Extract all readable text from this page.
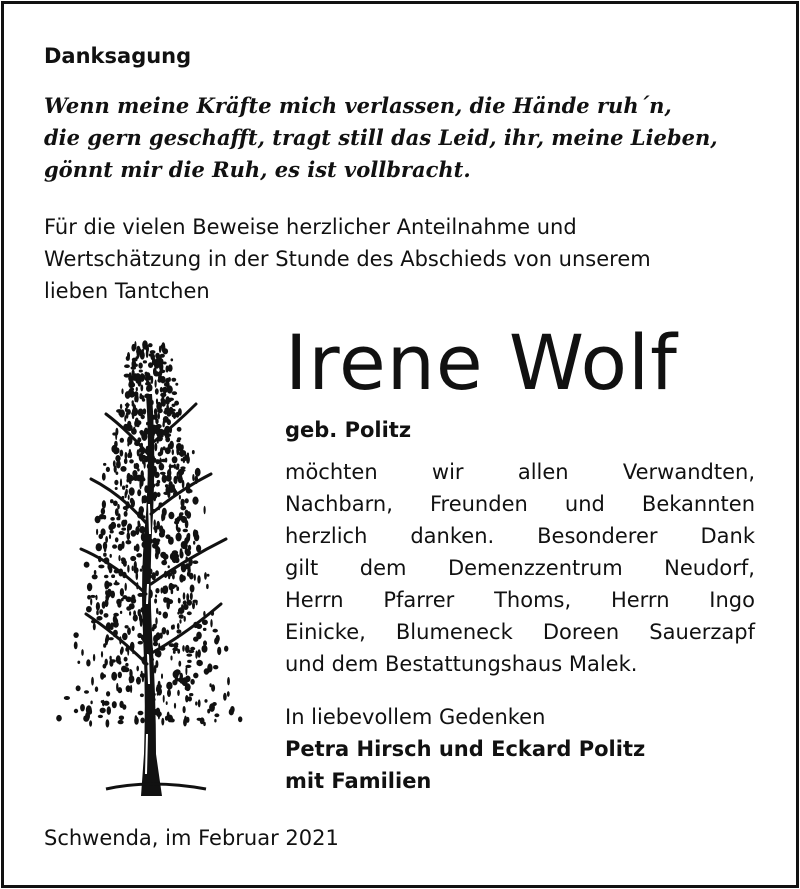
Danksagung
Wenn meine Kräfte mich verlassen, die Hände ruh´n,
die gern geschafft, tragt still das Leid, ihr, meine Lieben,
gönnt mir die Ruh, es ist vollbracht.
Für die vielen Beweise herzlicher Anteilnahme und
Wertschätzung in der Stunde des Abschieds von unserem
lieben Tantchen
Irene Wolf
geb. Politz
möchten wir allen Verwandten,
Nachbarn, Freunden und Bekannten
herzlich danken. Besonderer Dank
gilt dem Demenzzentrum Neudorf,
Herrn Pfarrer Thoms, Herrn Ingo
Einicke, Blumeneck Doreen Sauerzapf
und dem Bestattungshaus Malek.
In liebevollem Gedenken
Petra Hirsch und Eckard Politz
mit Familien
Schwenda, im Februar 2021
